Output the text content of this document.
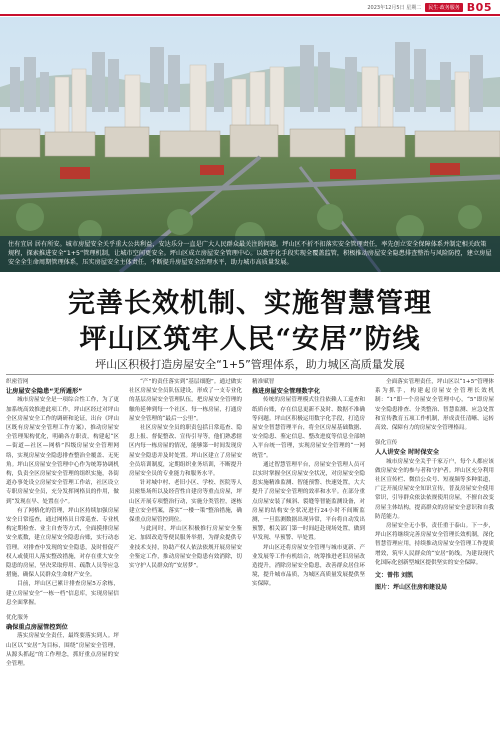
2023年12月5日 星期二	民生·政务服务 B05
住有宜居 居有所安。城市房屋安全关乎重大公共利益，安达乐分一直是广大人民群众最关注的问题。坪山区不折不扣落实安全管理责任，率先创立安全保障体系并制定相关政策规程，探索推进安全“1+5”管理机制，让城市空间更安全。坪山区成立房屋安全管理中心。以数字化手段实现全覆盖监管，积极推动房屋安全隐患排查整治与风险防控，建立房屋安全全生命周期管理体系，压实房屋安全主体责任，不断提升房屋安全治理水平，助力城市高质量发展。
完善长效机制、实施智慧管理
坪山区筑牢人民“安居”防线
坪山区积极打造房屋安全“1+5”管理体系，助力城区高质量发展
织密管网
让房屋安全隐患“无所遁形”

城市房屋安全是一项综合性工作，为了更加系统高效推进此项工作，坪山区经过对坪山全区房屋安全工作的调研和论证，出台《坪山区既有房屋安全管理工作方案》，推动房屋安全管理架构优化，明确各方职责，构建起“区—街道—社区—网格”四级房屋安全管理网络，实现房屋安全隐患排查整治全覆盖、无死角。坪山区房屋安全管理中心作为统筹协调机构，负责全区房屋安全管理的组织实施，各街道办事处设立房屋安全管理工作站，社区设立专职房屋安全员，充分发挥网格员的作用，做到“发现在早、处置在小”。

有了网格化的管理，坪山区持续加强房屋安全日常巡查，通过网格员日常巡查、专业机构定期检查、业主自查等方式，全面摸排房屋安全底数，建立房屋安全隐患台账，实行动态管理。对排查中发现的安全隐患，及时督促产权人或使用人落实整改措施，对存在重大安全隐患的房屋，坚决采取停用、疏散人员等应急措施，确保人民群众生命财产安全。

目前，坪山区已累计排查房屋5万余栋，建立房屋安全“一栋一档”信息库，实现房屋信息全面掌握。

优化服务
确保重点房屋管控到位

落实房屋安全责任，最终要落实到人。坪山区以“安居”为目标，围绕“房屋安全管理，从源头抓起”的工作理念，抓好重点房屋的安全管理。

“产”的责任落实到“基层细胞”。通过做实社区房屋安全员队伍建设，形成了一支专业化的基层房屋安全管理队伍，把房屋安全管理的触角延伸到每一个社区、每一栋房屋，打通房屋安全管理的“最后一公里”。

社区房屋安全员的职责包括日常巡查、隐患上报、督促整改、宣传引导等，他们熟悉辖区内每一栋房屋的情况，能够第一时间发现房屋安全隐患并及时处置。坪山区建立了房屋安全员培训制度，定期组织业务培训，不断提升房屋安全员的专业能力和服务水平。

针对城中村、老旧小区、学校、医院等人员密集场所以及经营性自建房等重点房屋，坪山区开展专项整治行动，实施分类管控，逐栋建立安全档案，落实“一楼一策”整治措施，确保重点房屋管控到位。

与此同时，坪山区积极推行房屋安全鉴定、加固改造等便民服务举措，为群众提供专业技术支持，协助产权人依法依规开展房屋安全鉴定工作，推动房屋安全隐患有效消除，切实守护人民群众的“安居梦”。

精准赋智
推进房屋安全管理数字化

传统的房屋管理模式往往依赖人工巡查和纸质台账，存在信息更新不及时、数据不准确等问题。坪山区积极运用数字化手段，打造房屋安全智慧管理平台，将全区房屋基础数据、安全隐患、鉴定信息、整改进度等信息全部纳入平台统一管理，实现房屋安全管理的“一网统管”。

通过智慧管理平台，房屋安全管理人员可以实时掌握全区房屋安全状况，对房屋安全隐患实施精准监测、智能预警、快速处置，大大提升了房屋安全管理的效率和水平。在部分重点房屋安装了倾斜、裂缝等智能监测设备，对房屋的结构安全状况进行24小时不间断监测，一旦监测数据出现异常，平台将自动发出预警，相关部门第一时间赶赴现场处置，做到早发现、早预警、早处置。

坪山区还将房屋安全管理与城市更新、产业发展等工作有机结合，统筹推进老旧房屋改造提升，消除房屋安全隐患，改善群众居住环境，提升城市品质，为城区高质量发展提供坚实保障。

全面落实管理责任，坪山区以“1+5”管理体系为抓手，构建起房屋安全管理长效机制：“1”即一个房屋安全管理中心，“5”即房屋安全隐患排查、分类整治、智慧监测、应急处置和宣传教育五项工作机制，形成责任清晰、运转高效、保障有力的房屋安全管理格局。

强化宣传
人人讲安全 时时保安全

城市房屋安全关乎千家万户，每个人都应该做房屋安全的参与者和守护者。坪山区充分利用社区宣传栏、微信公众号、短视频等多种渠道，广泛开展房屋安全知识宣传，普及房屋安全使用常识，引导群众依法依规使用房屋，不擅自改变房屋主体结构，提高群众的房屋安全意识和自我防范能力。

房屋安全无小事，责任重于泰山。下一步，坪山区将继续完善房屋安全管理长效机制，深化智慧管理应用，持续推动房屋安全管理工作提质增效，筑牢人民群众的“安居”防线，为建设现代化国际化创新型城区提供坚实的安全保障。

文：曾伟 刘凯
图片：坪山区住房和建设局
